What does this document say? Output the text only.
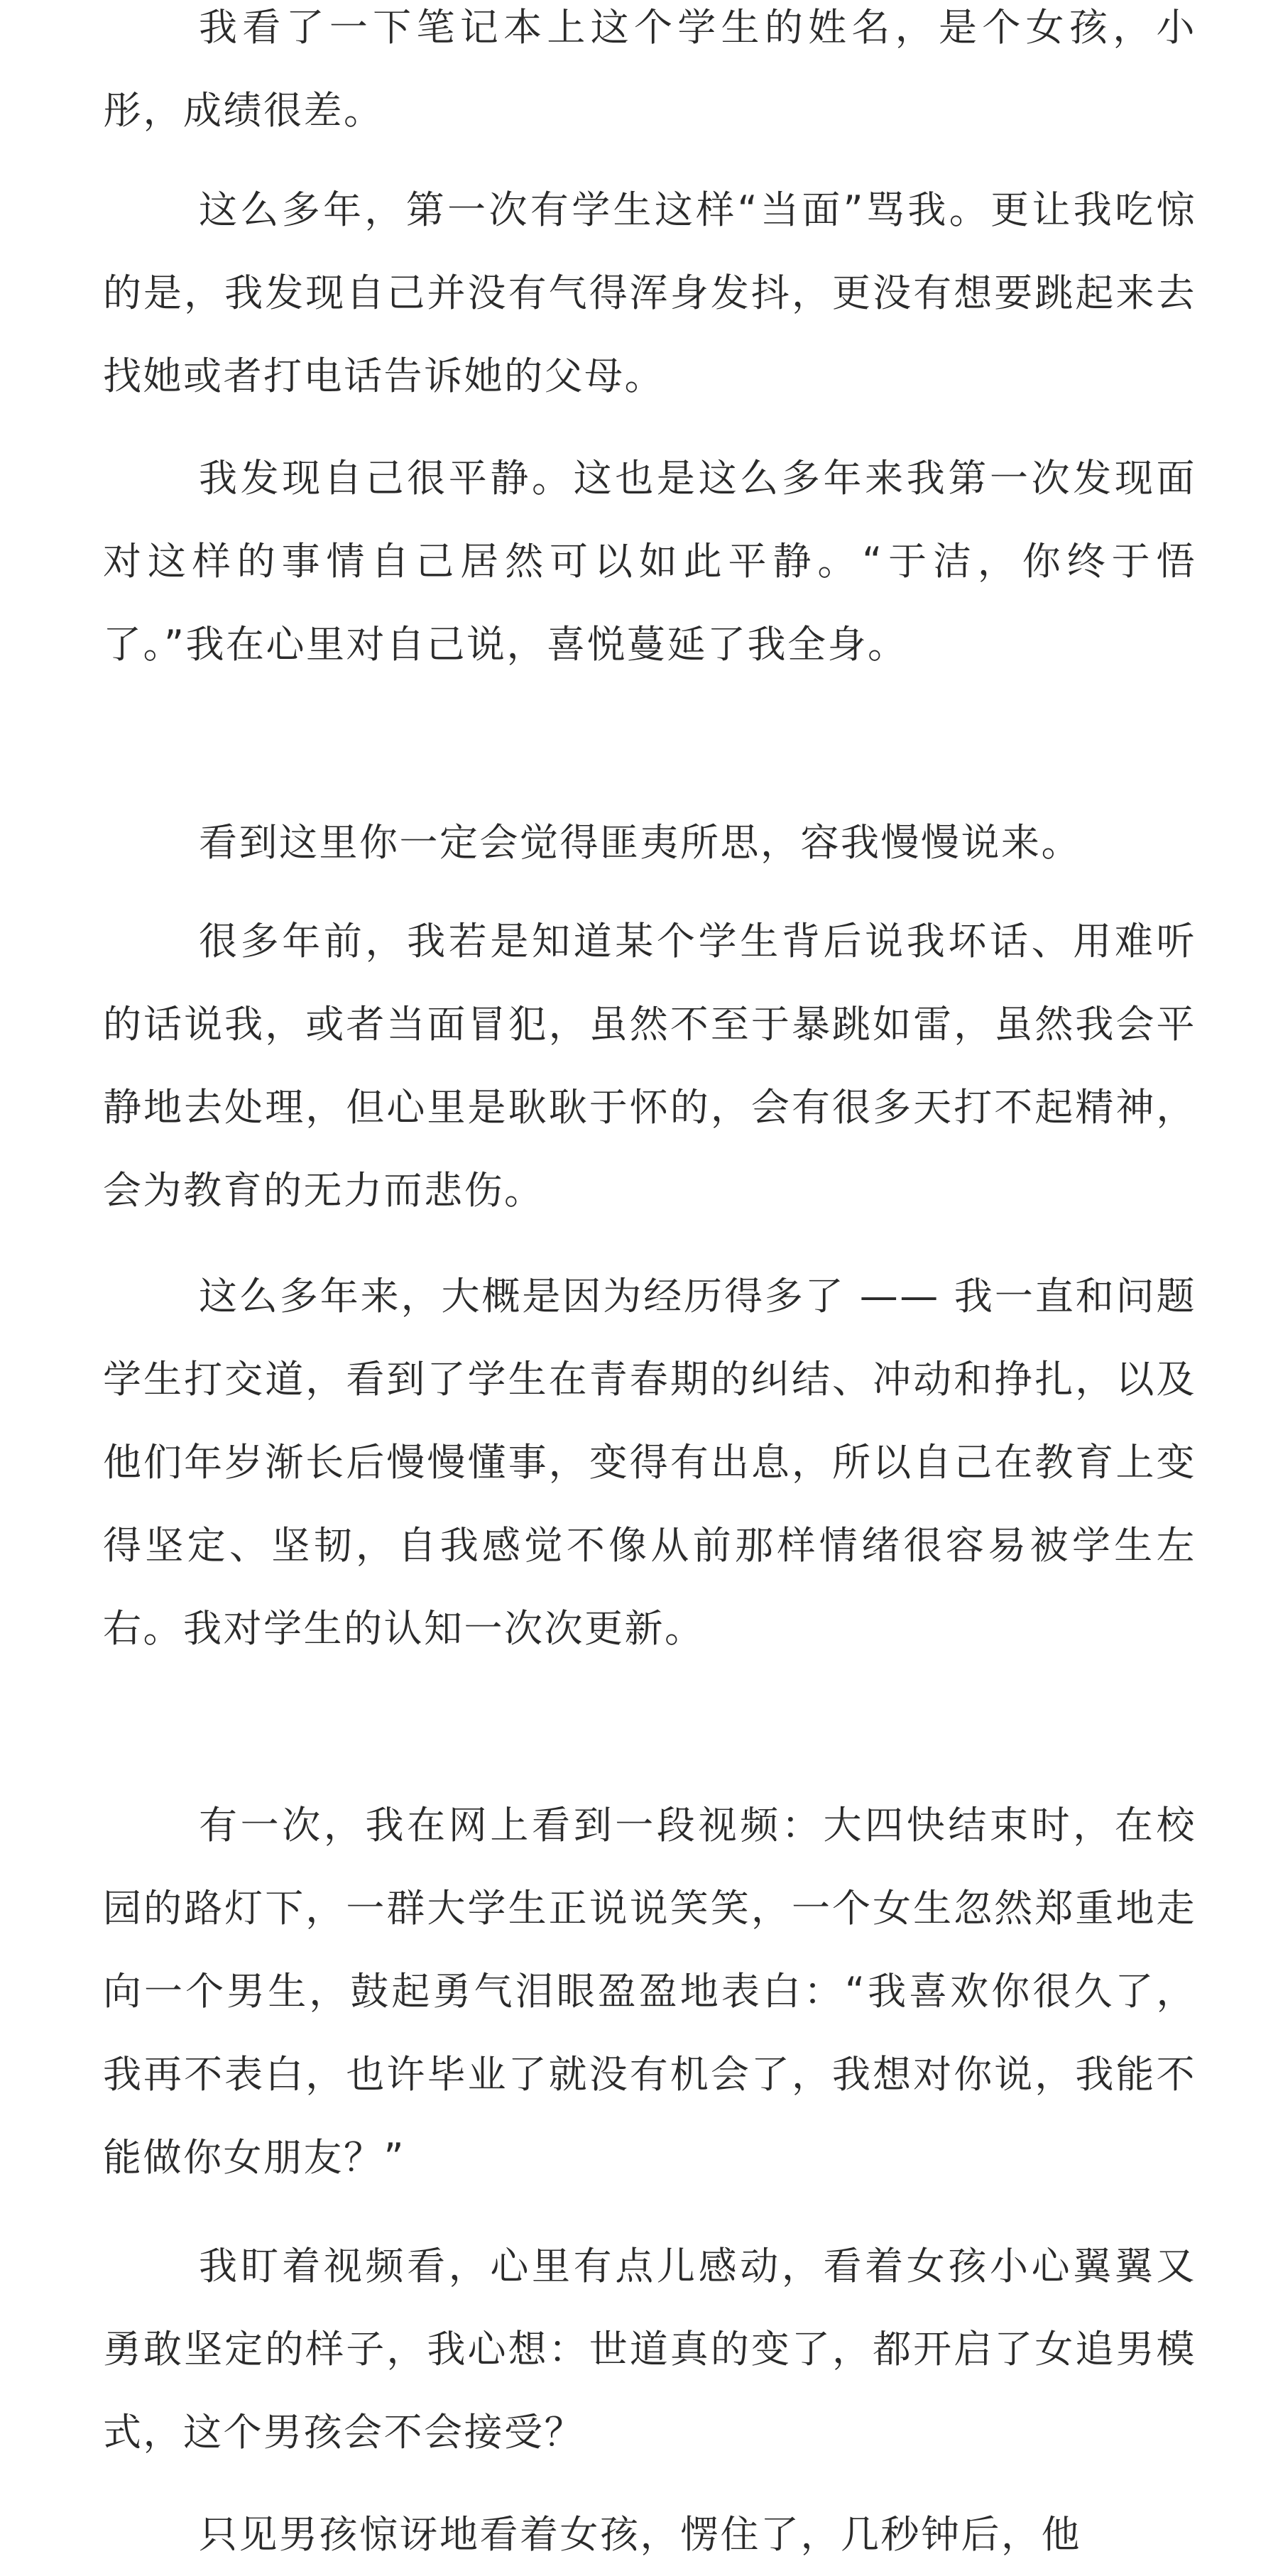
我看了一下笔记本上这个学生的姓名，是个女孩，小彤，成绩很差。

这么多年，第一次有学生这样“当面”骂我。更让我吃惊的是，我发现自己并没有气得浑身发抖，更没有想要跳起来去找她或者打电话告诉她的父母。

我发现自己很平静。这也是这么多年来我第一次发现面对这样的事情自己居然可以如此平静。“于洁，你终于悟了。”我在心里对自己说，喜悦蔓延了我全身。

看到这里你一定会觉得匪夷所思，容我慢慢说来。

很多年前，我若是知道某个学生背后说我坏话、用难听的话说我，或者当面冒犯，虽然不至于暴跳如雷，虽然我会平静地去处理，但心里是耿耿于怀的，会有很多天打不起精神，会为教育的无力而悲伤。

这么多年来，大概是因为经历得多了 —— 我一直和问题学生打交道，看到了学生在青春期的纠结、冲动和挣扎，以及他们年岁渐长后慢慢懂事，变得有出息，所以自己在教育上变得坚定、坚韧，自我感觉不像从前那样情绪很容易被学生左右。我对学生的认知一次次更新。

有一次，我在网上看到一段视频：大四快结束时，在校园的路灯下，一群大学生正说说笑笑，一个女生忽然郑重地走向一个男生，鼓起勇气泪眼盈盈地表白：“我喜欢你很久了，我再不表白，也许毕业了就没有机会了，我想对你说，我能不能做你女朋友？”

我盯着视频看，心里有点儿感动，看着女孩小心翼翼又勇敢坚定的样子，我心想：世道真的变了，都开启了女追男模式，这个男孩会不会接受？

只见男孩惊讶地看着女孩，愣住了，几秒钟后，他
